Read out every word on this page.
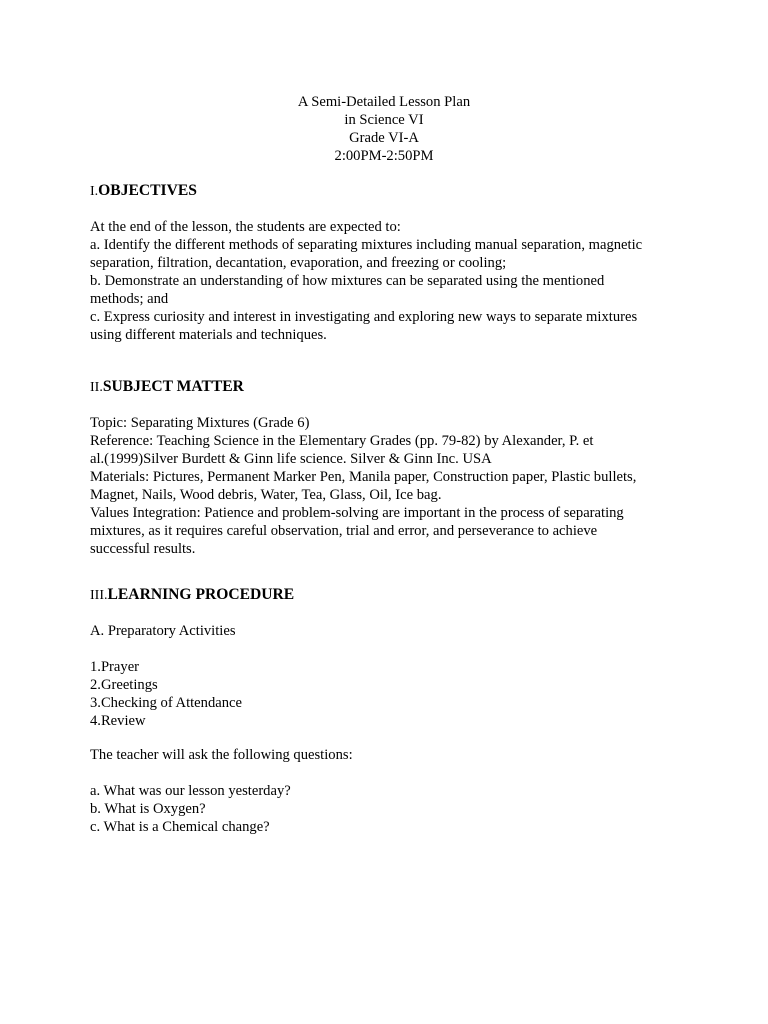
A Semi-Detailed Lesson Plan
in Science VI
Grade VI-A
2:00PM-2:50PM
I.OBJECTIVES
At the end of the lesson, the students are expected to:
a. Identify the different methods of separating mixtures including manual separation, magnetic
separation, filtration, decantation, evaporation, and freezing or cooling;
b. Demonstrate an understanding of how mixtures can be separated using the mentioned
methods; and
c. Express curiosity and interest in investigating and exploring new ways to separate mixtures
using different materials and techniques.
II.SUBJECT MATTER
Topic: Separating Mixtures (Grade 6)
Reference: Teaching Science in the Elementary Grades (pp. 79-82) by Alexander, P. et
al.(1999)Silver Burdett & Ginn life science. Silver & Ginn Inc. USA
Materials: Pictures, Permanent Marker Pen, Manila paper, Construction paper, Plastic bullets,
Magnet, Nails, Wood debris, Water, Tea, Glass, Oil, Ice bag.
Values Integration: Patience and problem-solving are important in the process of separating
mixtures, as it requires careful observation, trial and error, and perseverance to achieve
successful results.
III.LEARNING PROCEDURE
A. Preparatory Activities
1.Prayer
2.Greetings
3.Checking of Attendance
4.Review
The teacher will ask the following questions:
a. What was our lesson yesterday?
b. What is Oxygen?
c. What is a Chemical change?
